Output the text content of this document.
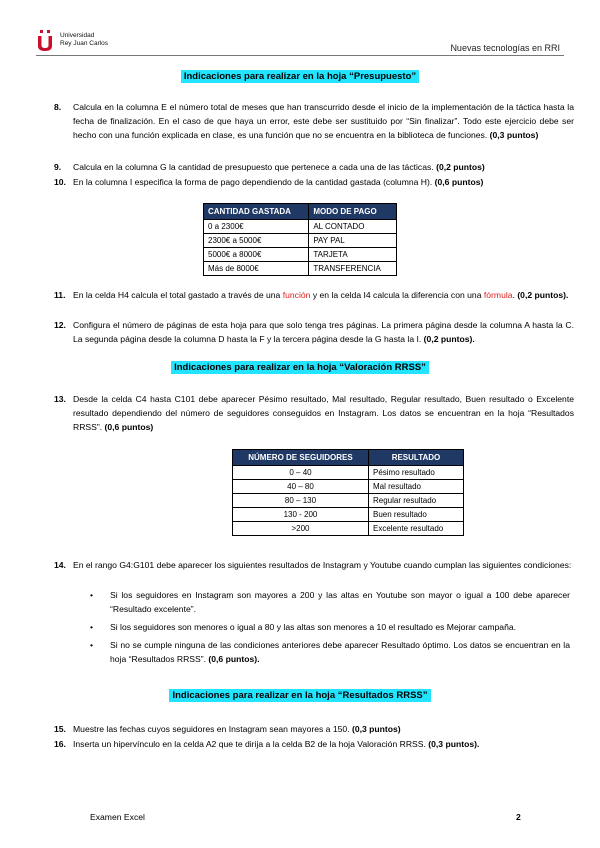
Universidad
Rey Juan Carlos	Nuevas tecnologías en RRI
Indicaciones para realizar en la hoja “Presupuesto”
8. Calcula en la columna E el número total de meses que han transcurrido desde el inicio de la implementación de la táctica hasta la fecha de finalización. En el caso de que haya un error, este debe ser sustituido por “Sin finalizar”. Todo este ejercicio debe ser hecho con una función explicada en clase, es una función que no se encuentra en la biblioteca de funciones. (0,3 puntos)
9. Calcula en la columna G la cantidad de presupuesto que pertenece a cada una de las tácticas. (0,2 puntos)
10. En la columna I especifica la forma de pago dependiendo de la cantidad gastada (columna H). (0,6 puntos)
CANTIDAD GASTADA	MODO DE PAGO
0 a 2300€	AL CONTADO
2300€ a 5000€	PAY PAL
5000€ a 8000€	TARJETA
Más de 8000€	TRANSFERENCIA
11. En la celda H4 calcula el total gastado a través de una función y en la celda I4 calcula la diferencia con una fórmula. (0,2 puntos).
12. Configura el número de páginas de esta hoja para que solo tenga tres páginas. La primera página desde la columna A hasta la C. La segunda página desde la columna D hasta la F y la tercera página desde la G hasta la I. (0,2 puntos).
Indicaciones para realizar en la hoja “Valoración RRSS”
13. Desde la celda C4 hasta C101 debe aparecer Pésimo resultado, Mal resultado, Regular resultado, Buen resultado o Excelente resultado dependiendo del número de seguidores conseguidos en Instagram. Los datos se encuentran en la hoja “Resultados RRSS”. (0,6 puntos)
NÚMERO DE SEGUIDORES	RESULTADO
0 – 40	Pésimo resultado
40 – 80	Mal resultado
80 – 130	Regular resultado
130 - 200	Buen resultado
>200	Excelente resultado
14. En el rango G4:G101 debe aparecer los siguientes resultados de Instagram y Youtube cuando cumplan las siguientes condiciones:
• Si los seguidores en Instagram son mayores a 200 y las altas en Youtube son mayor o igual a 100 debe aparecer “Resultado excelente”.
• Si los seguidores son menores o igual a 80 y las altas son menores a 10 el resultado es Mejorar campaña.
• Si no se cumple ninguna de las condiciones anteriores debe aparecer Resultado óptimo. Los datos se encuentran en la hoja “Resultados RRSS”. (0,6 puntos).
Indicaciones para realizar en la hoja “Resultados RRSS”
15. Muestre las fechas cuyos seguidores en Instagram sean mayores a 150. (0,3 puntos)
16. Inserta un hipervínculo en la celda A2 que te dirija a la celda B2 de la hoja Valoración RRSS. (0,3 puntos).
Examen Excel	2
